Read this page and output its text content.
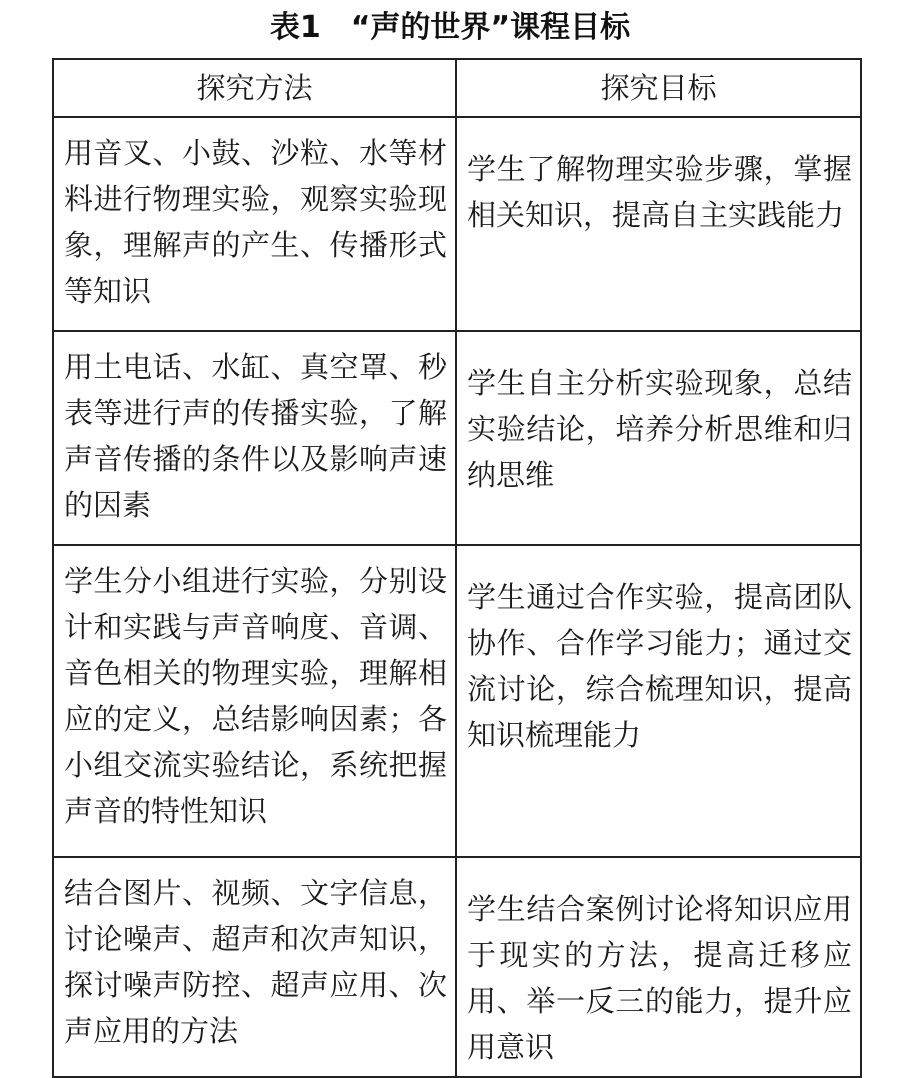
表1　“声的世界”课程目标
探究方法	探究目标
用音叉、小鼓、沙粒、水等材料进行物理实验，观察实验现象，理解声的产生、传播形式等知识	学生了解物理实验步骤，掌握相关知识，提高自主实践能力
用土电话、水缸、真空罩、秒表等进行声的传播实验，了解声音传播的条件以及影响声速的因素	学生自主分析实验现象，总结实验结论，培养分析思维和归纳思维
学生分小组进行实验，分别设计和实践与声音响度、音调、音色相关的物理实验，理解相应的定义，总结影响因素；各小组交流实验结论，系统把握声音的特性知识	学生通过合作实验，提高团队协作、合作学习能力；通过交流讨论，综合梳理知识，提高知识梳理能力
结合图片、视频、文字信息，讨论噪声、超声和次声知识，探讨噪声防控、超声应用、次声应用的方法	学生结合案例讨论将知识应用于现实的方法，提高迁移应用、举一反三的能力，提升应用意识
